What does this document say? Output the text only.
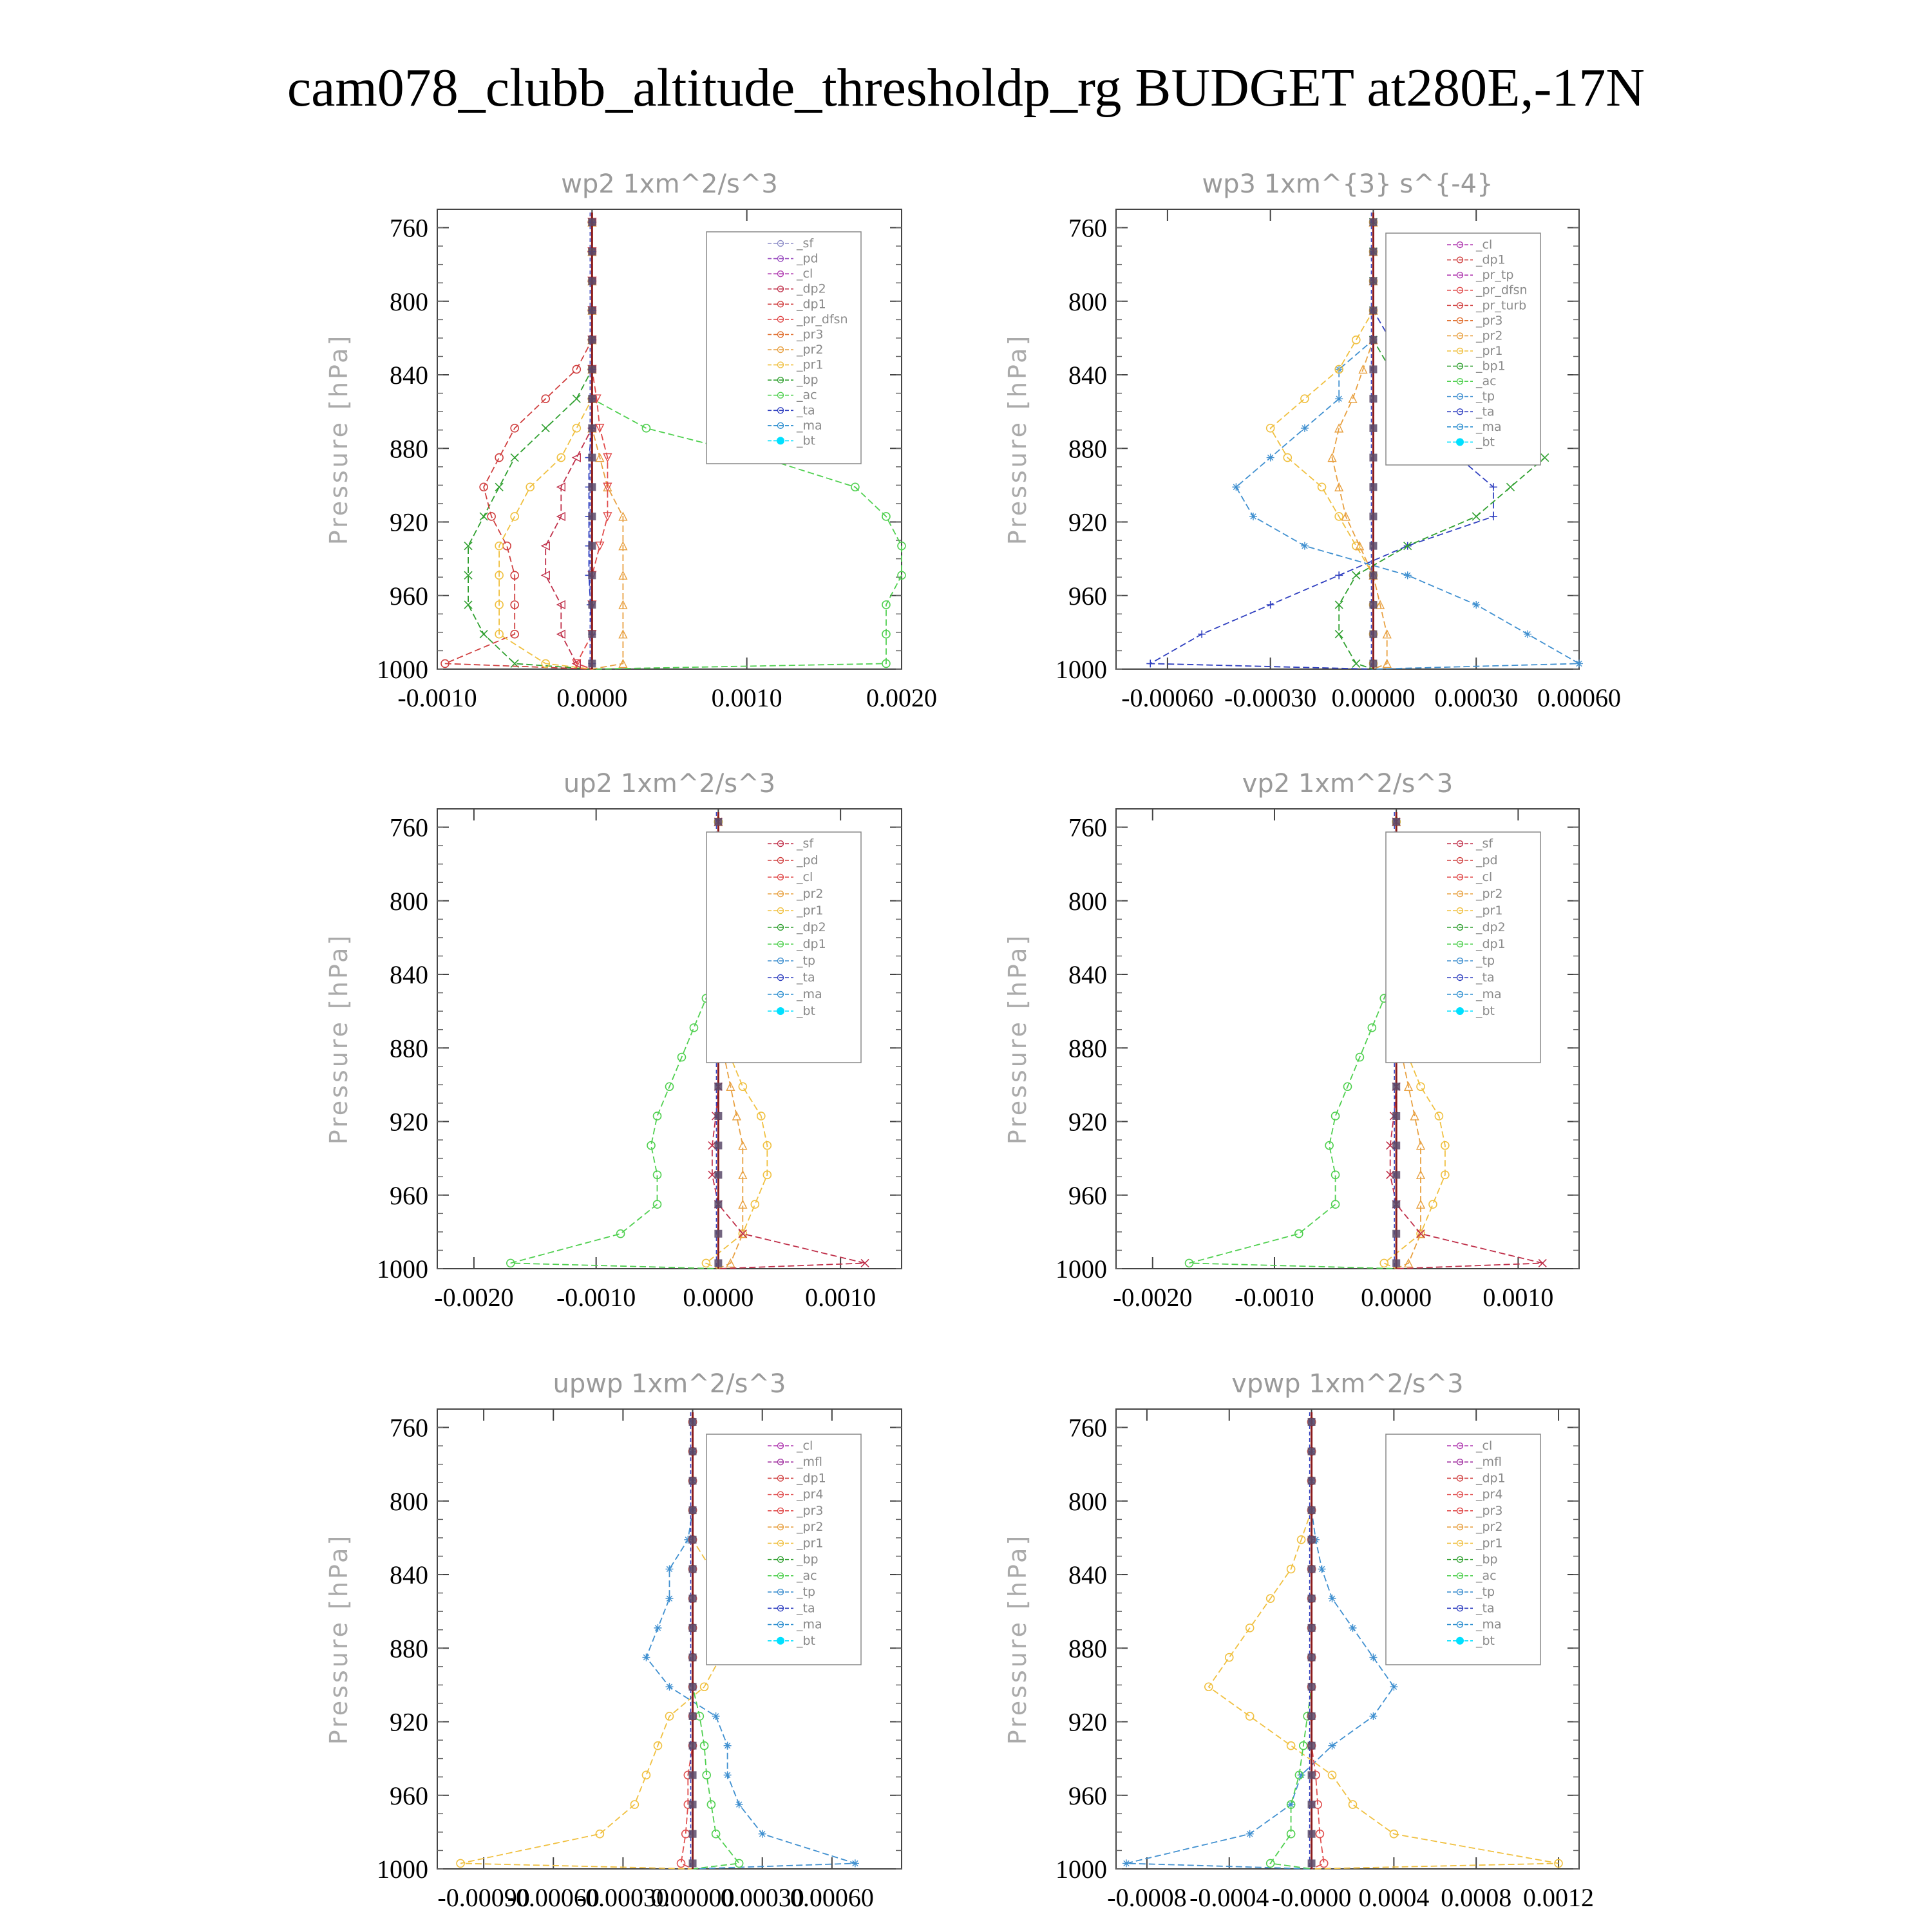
cam078_clubb_altitude_thresholdp_rg BUDGET at280E,-17N
wp2 1xm^2/s^3
Pressure [hPa]
760
800
840
880
920
960
1000
-0.0010	0.0000	0.0010	0.0020
_sf
_pd
_cl
_dp2
_dp1
_pr_dfsn
_pr3
_pr2
_pr1
_bp
_ac
_ta
_ma
_bt
wp3 1xm^{3} s^{-4}
Pressure [hPa]
760
800
840
880
920
960
1000
-0.00060 -0.00030 0.00000 0.00030 0.00060
_cl
_dp1
_pr_tp
_pr_dfsn
_pr_turb
_pr3
_pr2
_pr1
_bp1
_ac
_tp
_ta
_ma
_bt
up2 1xm^2/s^3
Pressure [hPa]
760
800
840
880
920
960
1000
-0.0020 -0.0010 0.0000 0.0010
_sf
_pd
_cl
_pr2
_pr1
_dp2
_dp1
_tp
_ta
_ma
_bt
vp2 1xm^2/s^3
Pressure [hPa]
760
800
840
880
920
960
1000
-0.0020 -0.0010 0.0000 0.0010
_sf
_pd
_cl
_pr2
_pr1
_dp2
_dp1
_tp
_ta
_ma
_bt
upwp 1xm^2/s^3
Pressure [hPa]
760
800
840
880
920
960
1000
-0.00090
-0.00060
-0.00030
0.00000
0.00030
0.00060
_cl
_mfl
_dp1
_pr4
_pr3
_pr2
_pr1
_bp
_ac
_tp
_ta
_ma
_bt
vpwp 1xm^2/s^3
Pressure [hPa]
760
800
840
880
920
960
1000
-0.0008 -0.0004 -0.0000 0.0004 0.0008 0.0012
_cl
_mfl
_dp1
_pr4
_pr3
_pr2
_pr1
_bp
_ac
_tp
_ta
_ma
_bt
